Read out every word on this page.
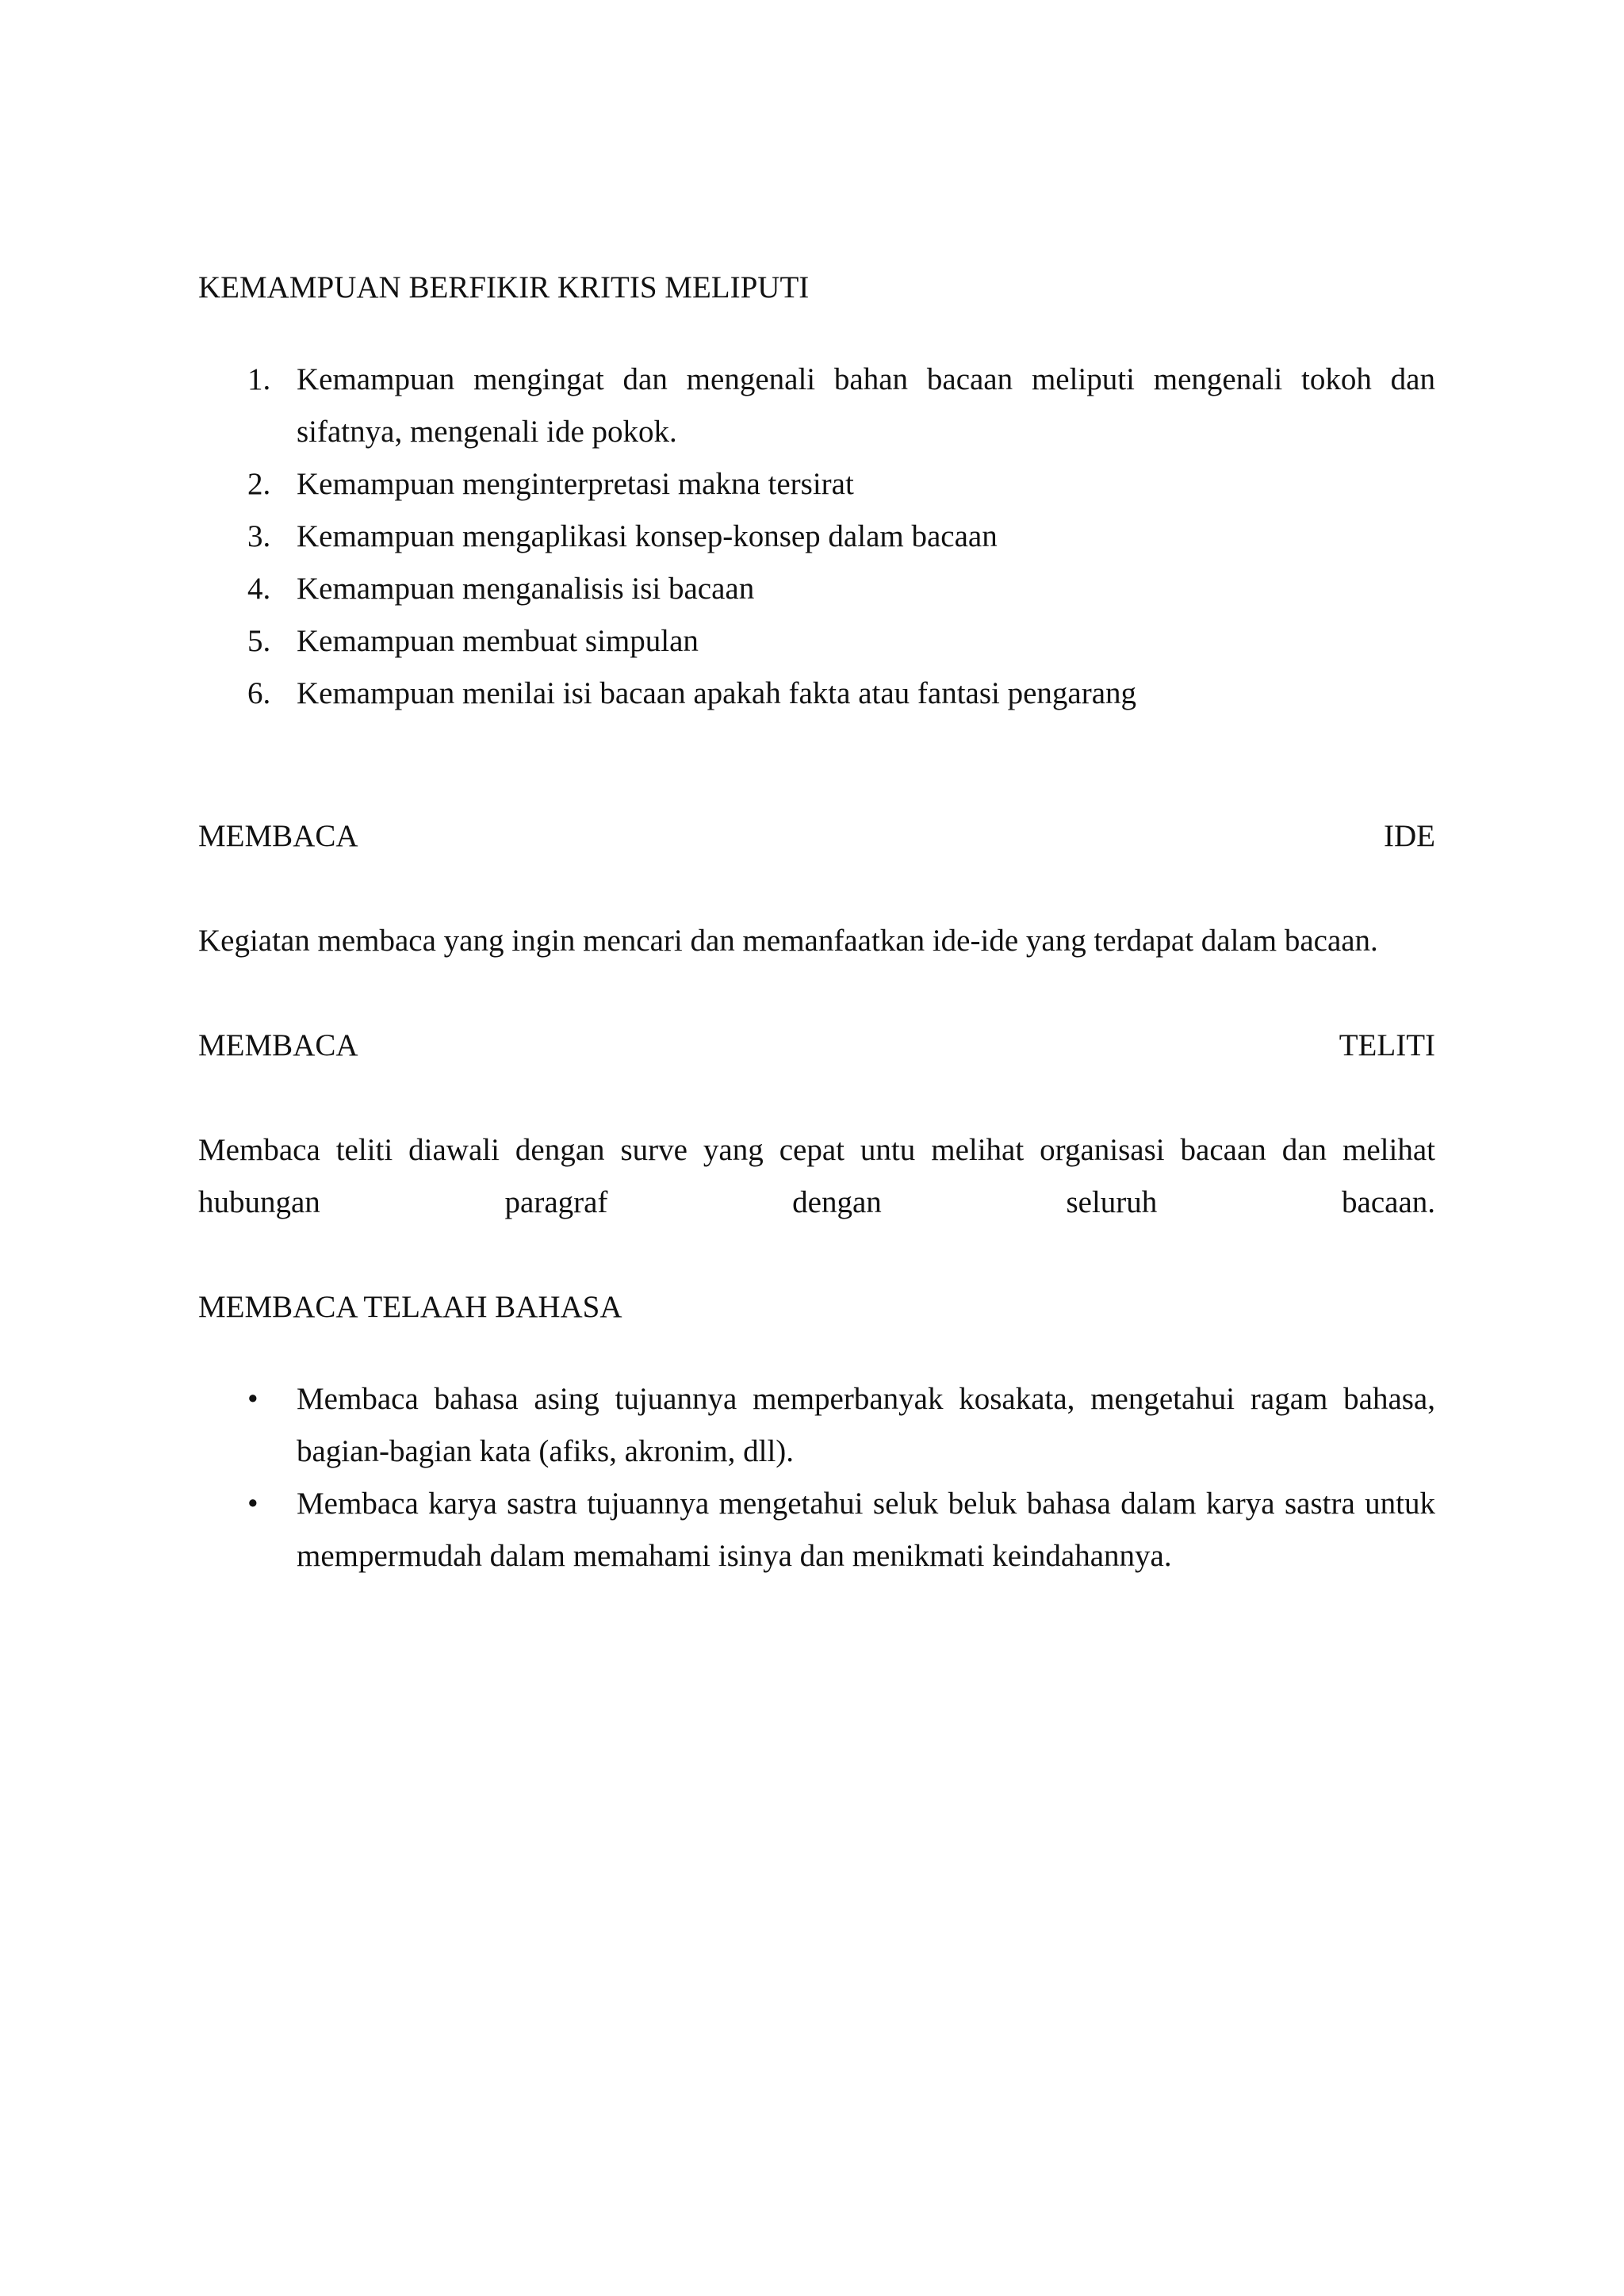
KEMAMPUAN BERFIKIR KRITIS MELIPUTI

1. Kemampuan mengingat dan mengenali bahan bacaan meliputi mengenali tokoh dan sifatnya, mengenali ide pokok.
2. Kemampuan menginterpretasi makna tersirat
3. Kemampuan mengaplikasi konsep-konsep dalam bacaan
4. Kemampuan menganalisis isi bacaan
5. Kemampuan membuat simpulan
6. Kemampuan menilai isi bacaan apakah fakta atau fantasi pengarang
MEMBACA	IDE

Kegiatan membaca yang ingin mencari dan memanfaatkan ide-ide yang terdapat dalam bacaan.

MEMBACA	TELITI

Membaca teliti diawali dengan surve yang cepat untu melihat organisasi bacaan dan melihat hubungan paragraf dengan seluruh bacaan.

MEMBACA TELAAH BAHASA

• Membaca bahasa asing tujuannya memperbanyak kosakata, mengetahui ragam bahasa, bagian-bagian kata (afiks, akronim, dll).
• Membaca karya sastra tujuannya mengetahui seluk beluk bahasa dalam karya sastra untuk mempermudah dalam memahami isinya dan menikmati keindahannya.
